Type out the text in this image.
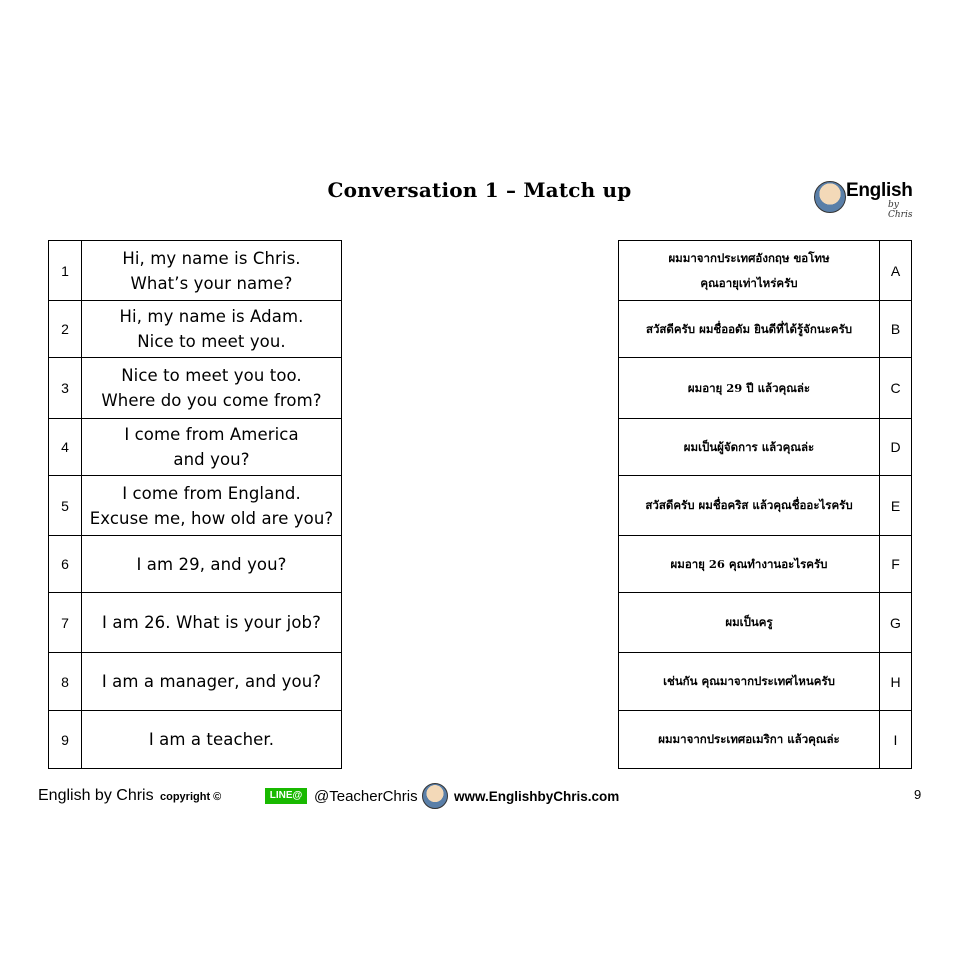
Conversation 1 – Match up	English
by Chris
1	Hi, my name is Chris.
What’s your name?
2	Hi, my name is Adam.
Nice to meet you.
3	Nice to meet you too.
Where do you come from?
4	I come from America
and you?
5	I come from England.
Excuse me, how old are you?
6	I am 29, and you?
7	I am 26. What is your job?
8	I am a manager, and you?
9	I am a teacher.
ผมมาจากประเทศอังกฤษ ขอโทษ
คุณอายุเท่าไหร่ครับ	A
สวัสดีครับ ผมชื่ออดัม ยินดีที่ได้รู้จักนะครับ	B
ผมอายุ 29 ปี แล้วคุณล่ะ	C
ผมเป็นผู้จัดการ แล้วคุณล่ะ	D
สวัสดีครับ ผมชื่อคริส แล้วคุณชื่ออะไรครับ	E
ผมอายุ 26 คุณทำงานอะไรครับ	F
ผมเป็นครู	G
เช่นกัน คุณมาจากประเทศไหนครับ	H
ผมมาจากประเทศอเมริกา แล้วคุณล่ะ	I
English by Chris copyright ©	LINE@ @TeacherChris	www.EnglishbyChris.com	9
